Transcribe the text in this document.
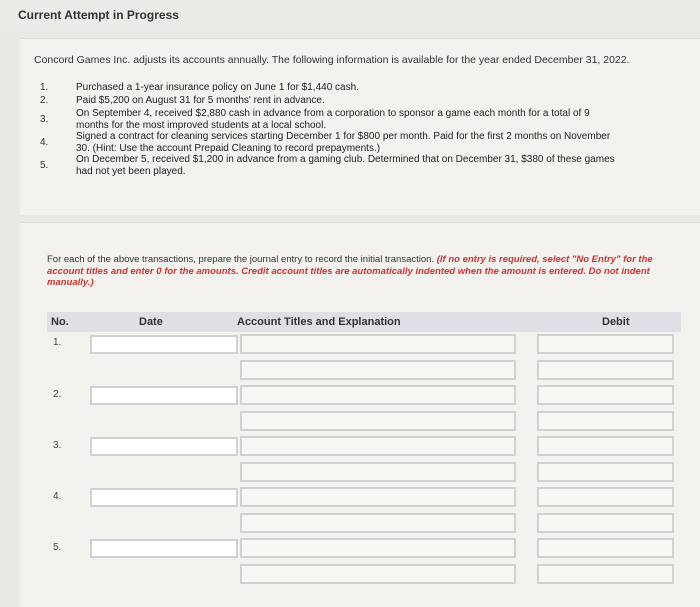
Current Attempt in Progress

Concord Games Inc. adjusts its accounts annually. The following information is available for the year ended December 31, 2022.

1.	Purchased a 1-year insurance policy on June 1 for $1,440 cash.
2.	Paid $5,200 on August 31 for 5 months' rent in advance.
3.
On September 4, received $2,880 cash in advance from a corporation to sponsor a game each month for a total of 9
months for the most improved students at a local school.
4.
Signed a contract for cleaning services starting December 1 for $800 per month. Paid for the first 2 months on November
30. (Hint: Use the account Prepaid Cleaning to record prepayments.)
5.
On December 5, received $1,200 in advance from a gaming club. Determined that on December 31, $380 of these games
had not yet been played.

For each of the above transactions, prepare the journal entry to record the initial transaction. (If no entry is required, select "No Entry" for the account titles and enter 0 for the amounts. Credit account titles are automatically indented when the amount is entered. Do not indent manually.)

No.	Date	Account Titles and Explanation	Debit
1.
2.
3.
4.
5.
